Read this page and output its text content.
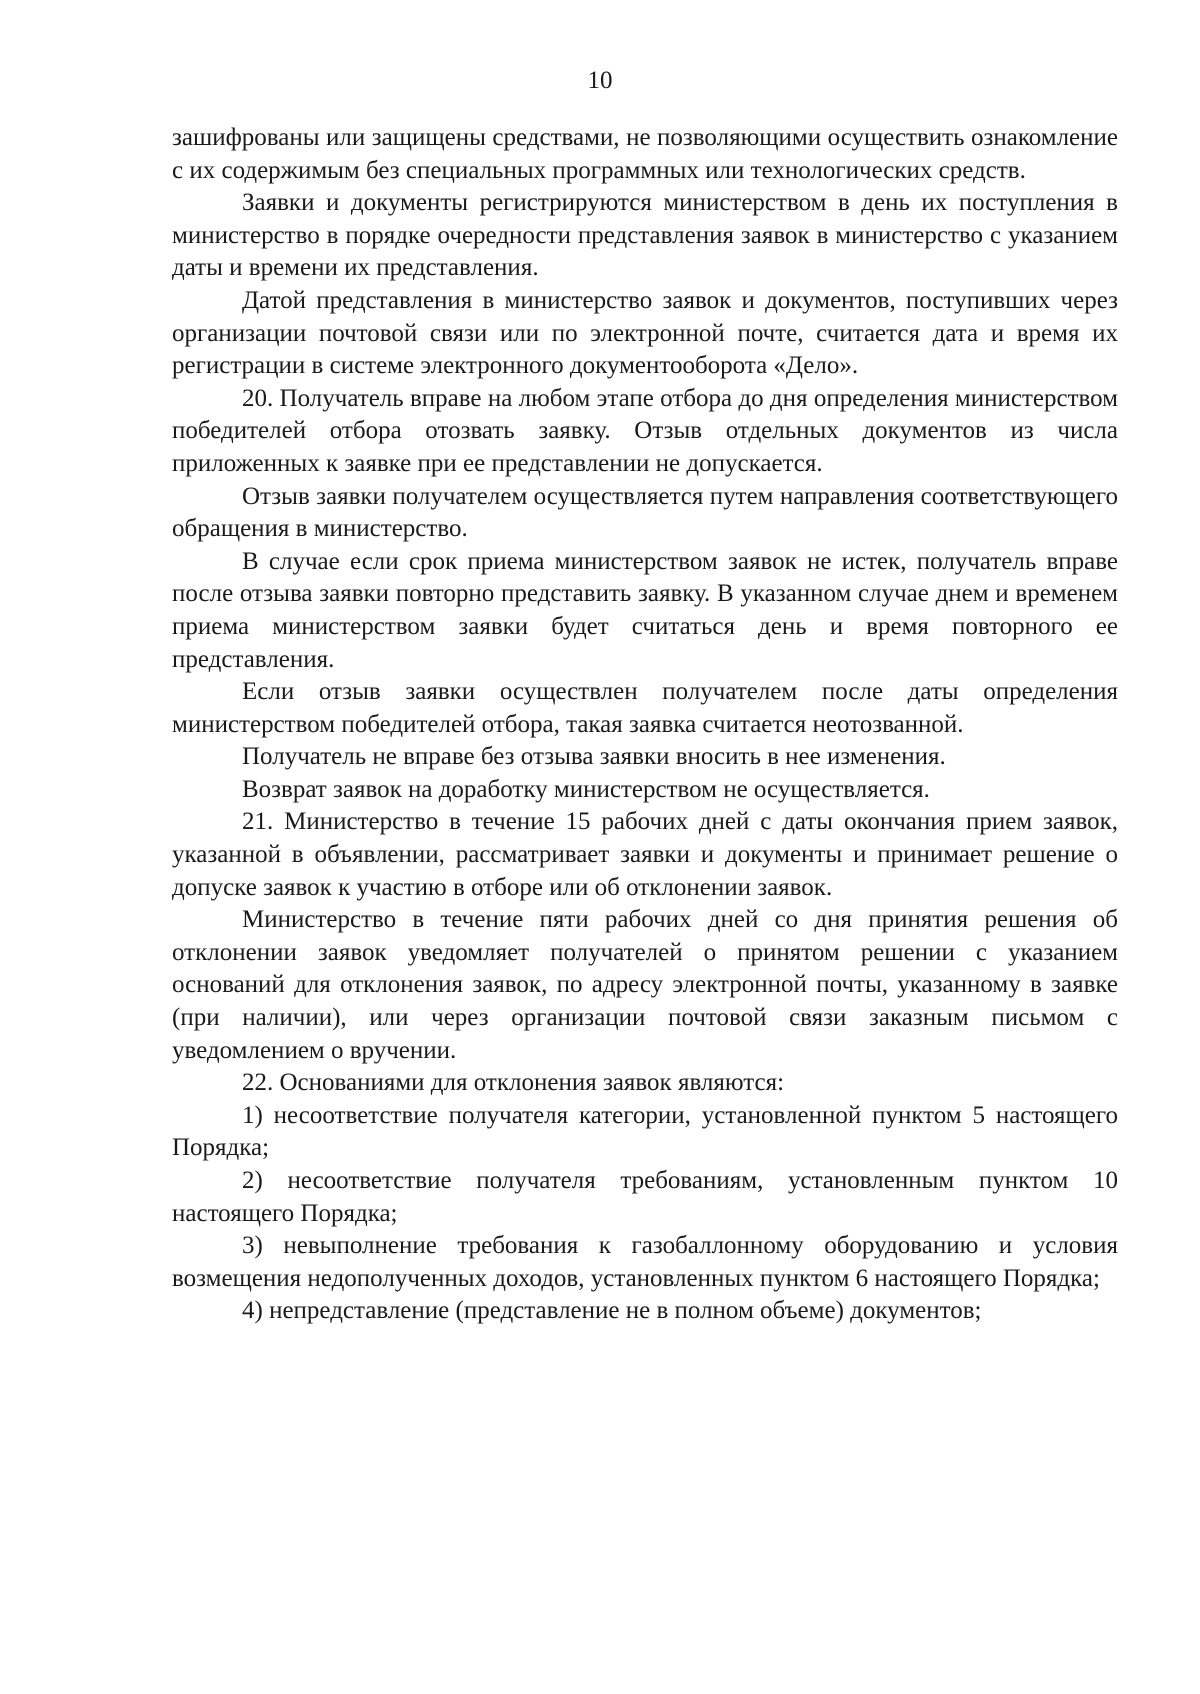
10

зашифрованы или защищены средствами, не позволяющими осуществить ознакомление с их содержимым без специальных программных или технологических средств.

Заявки и документы регистрируются министерством в день их поступления в министерство в порядке очередности представления заявок в министерство с указанием даты и времени их представления.

Датой представления в министерство заявок и документов, поступивших через организации почтовой связи или по электронной почте, считается дата и время их регистрации в системе электронного документооборота «Дело».

20. Получатель вправе на любом этапе отбора до дня определения министерством победителей отбора отозвать заявку. Отзыв отдельных документов из числа приложенных к заявке при ее представлении не допускается.

Отзыв заявки получателем осуществляется путем направления соответствующего обращения в министерство.

В случае если срок приема министерством заявок не истек, получатель вправе после отзыва заявки повторно представить заявку. В указанном случае днем и временем приема министерством заявки будет считаться день и время повторного ее представления.

Если отзыв заявки осуществлен получателем после даты определения министерством победителей отбора, такая заявка считается неотозванной.

Получатель не вправе без отзыва заявки вносить в нее изменения.

Возврат заявок на доработку министерством не осуществляется.

21. Министерство в течение 15 рабочих дней с даты окончания прием заявок, указанной в объявлении, рассматривает заявки и документы и принимает решение о допуске заявок к участию в отборе или об отклонении заявок.

Министерство в течение пяти рабочих дней со дня принятия решения об отклонении заявок уведомляет получателей о принятом решении с указанием оснований для отклонения заявок, по адресу электронной почты, указанному в заявке (при наличии), или через организации почтовой связи заказным письмом с уведомлением о вручении.

22. Основаниями для отклонения заявок являются:

1) несоответствие получателя категории, установленной пунктом 5 настоящего Порядка;

2) несоответствие получателя требованиям, установленным пунктом 10 настоящего Порядка;

3) невыполнение требования к газобаллонному оборудованию и условия возмещения недополученных доходов, установленных пунктом 6 настоящего Порядка;

4) непредставление (представление не в полном объеме) документов;
